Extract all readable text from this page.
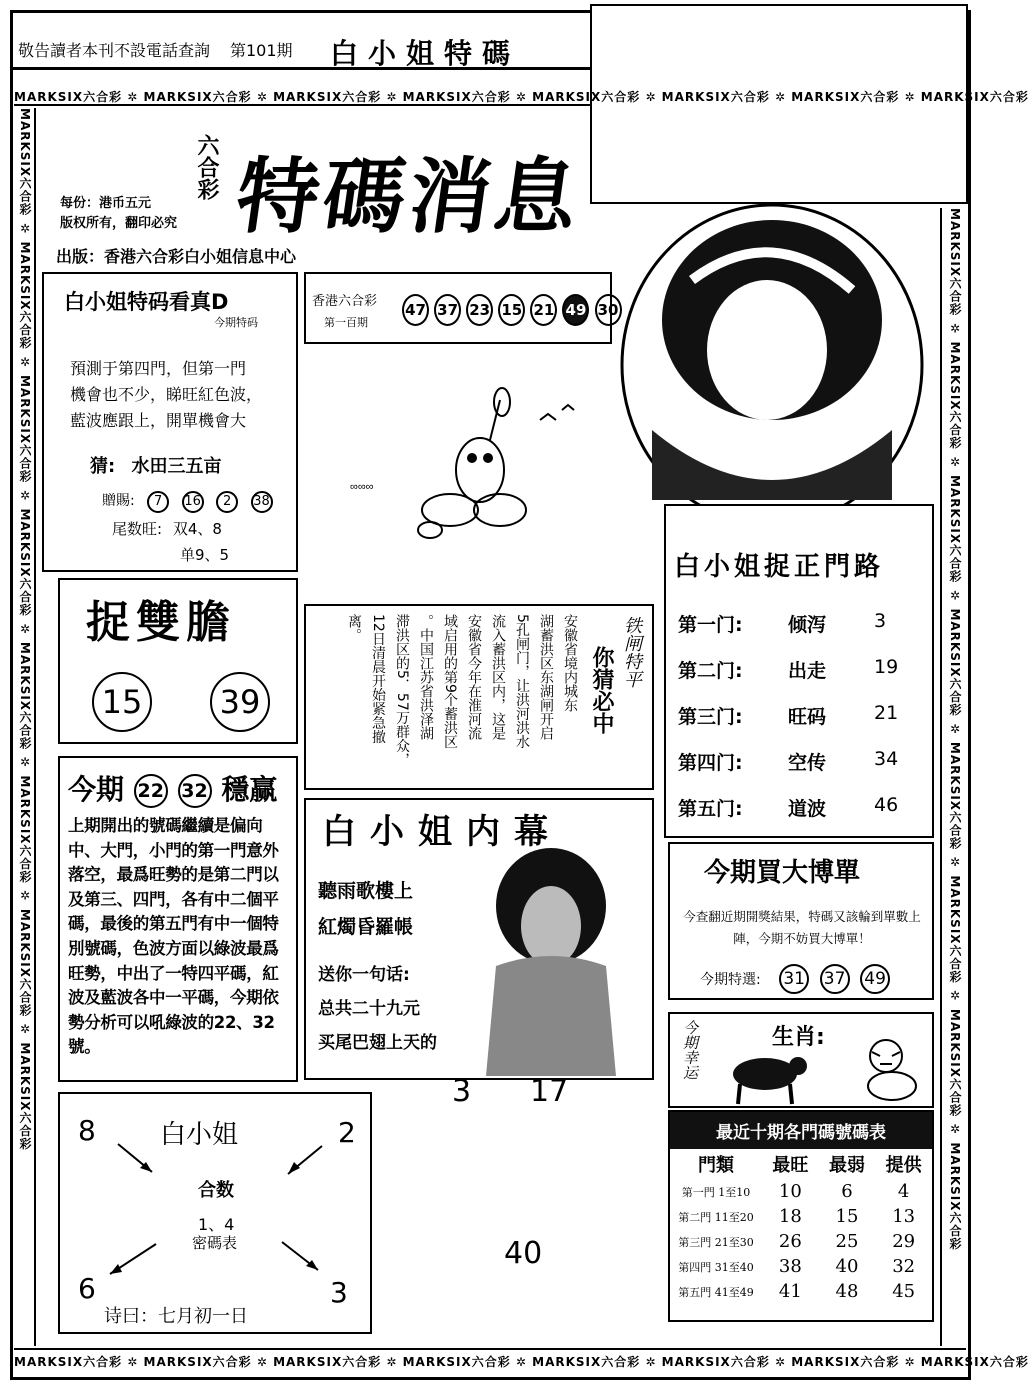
敬告讀者本刊不設電話查詢 第101期 白小姐特碼
MARKSIX六合彩 ✲ MARKSIX六合彩 ✲ MARKSIX六合彩 ✲ MARKSIX六合彩 ✲ MARKSIX六合彩 ✲ MARKSIX六合彩 ✲ MARKSIX六合彩 ✲ MARKSIX六合彩
MARKSIX六合彩 ✲ MARKSIX六合彩 ✲ MARKSIX六合彩 ✲ MARKSIX六合彩 ✲ MARKSIX六合彩 ✲ MARKSIX六合彩 ✲ MARKSIX六合彩 ✲ MARKSIX六合彩
MARKSIX六合彩 ✲ MARKSIX六合彩 ✲ MARKSIX六合彩 ✲ MARKSIX六合彩 ✲ MARKSIX六合彩 ✲ MARKSIX六合彩 ✲ MARKSIX六合彩 ✲ MARKSIX六合彩	MARKSIX六合彩 ✲ MARKSIX六合彩 ✲ MARKSIX六合彩 ✲ MARKSIX六合彩 ✲ MARKSIX六合彩 ✲ MARKSIX六合彩 ✲ MARKSIX六合彩 ✲ MARKSIX六合彩
六合彩 特碼消息
每份：港币五元
版权所有，翻印必究
出版：香港六合彩白小姐信息中心
白小姐特码看真D
今期特码
預測于第四門，但第一門
機會也不少，睇旺紅色波，
藍波應跟上，開單機會大
猜: 水田三五亩
贈賜: 7 16 2 38
尾数旺: 双4、8
单9、5
香港六合彩
第一百期
47 37 23 15 21 49 30
∞∞∞
捉雙膽
15	39	安徽省境内城东
湖蓄洪区东湖闸开启
5孔闸门，让洪河洪水
流入蓄洪区内，这是
安徽省今年在淮河流
域启用的第9个蓄洪区
。中国江苏省洪泽湖
滞洪区的5．57万群众，
12日清晨开始紧急撤
离。	铁闸特平
你猜必中
白小姐捉正門路
第一门: 倾泻	3
第二门: 出走	19
第三门: 旺码	21
第四门: 空传	34
第五门: 道波	46
今期 22 32 穩赢
上期開出的號碼繼續是偏向中、大門，小門的第一門意外落空，最爲旺勢的是第二門以及第三、四門，各有中二個平碼，最後的第五門有中一個特別號碼，色波方面以綠波最爲旺勢，中出了一特四平碼，紅波及藍波各中一平碼，今期依勢分析可以吼綠波的22、32號。
白小姐内幕
聽雨歌樓上
紅燭昏羅帳
送你一句话:
总共二十九元
买尾巴翅上天的
3 17
40
今期買大博單
今查翻近期開獎結果，特碼又該輪到單數上陣，今期不妨買大博單！
今期特選: 31 37 49
今期幸运	生肖:
白小姐
8	2
6	3
合数
1、4
密碼表
诗曰：七月初一日
最近十期各門碼號碼表
門類	最旺	最弱	提供
第一門 1至10	10	6	4
第二門 11至20	18	15	13
第三門 21至30	26	25	29
第四門 31至40	38	40	32
第五門 41至49	41	48	45
